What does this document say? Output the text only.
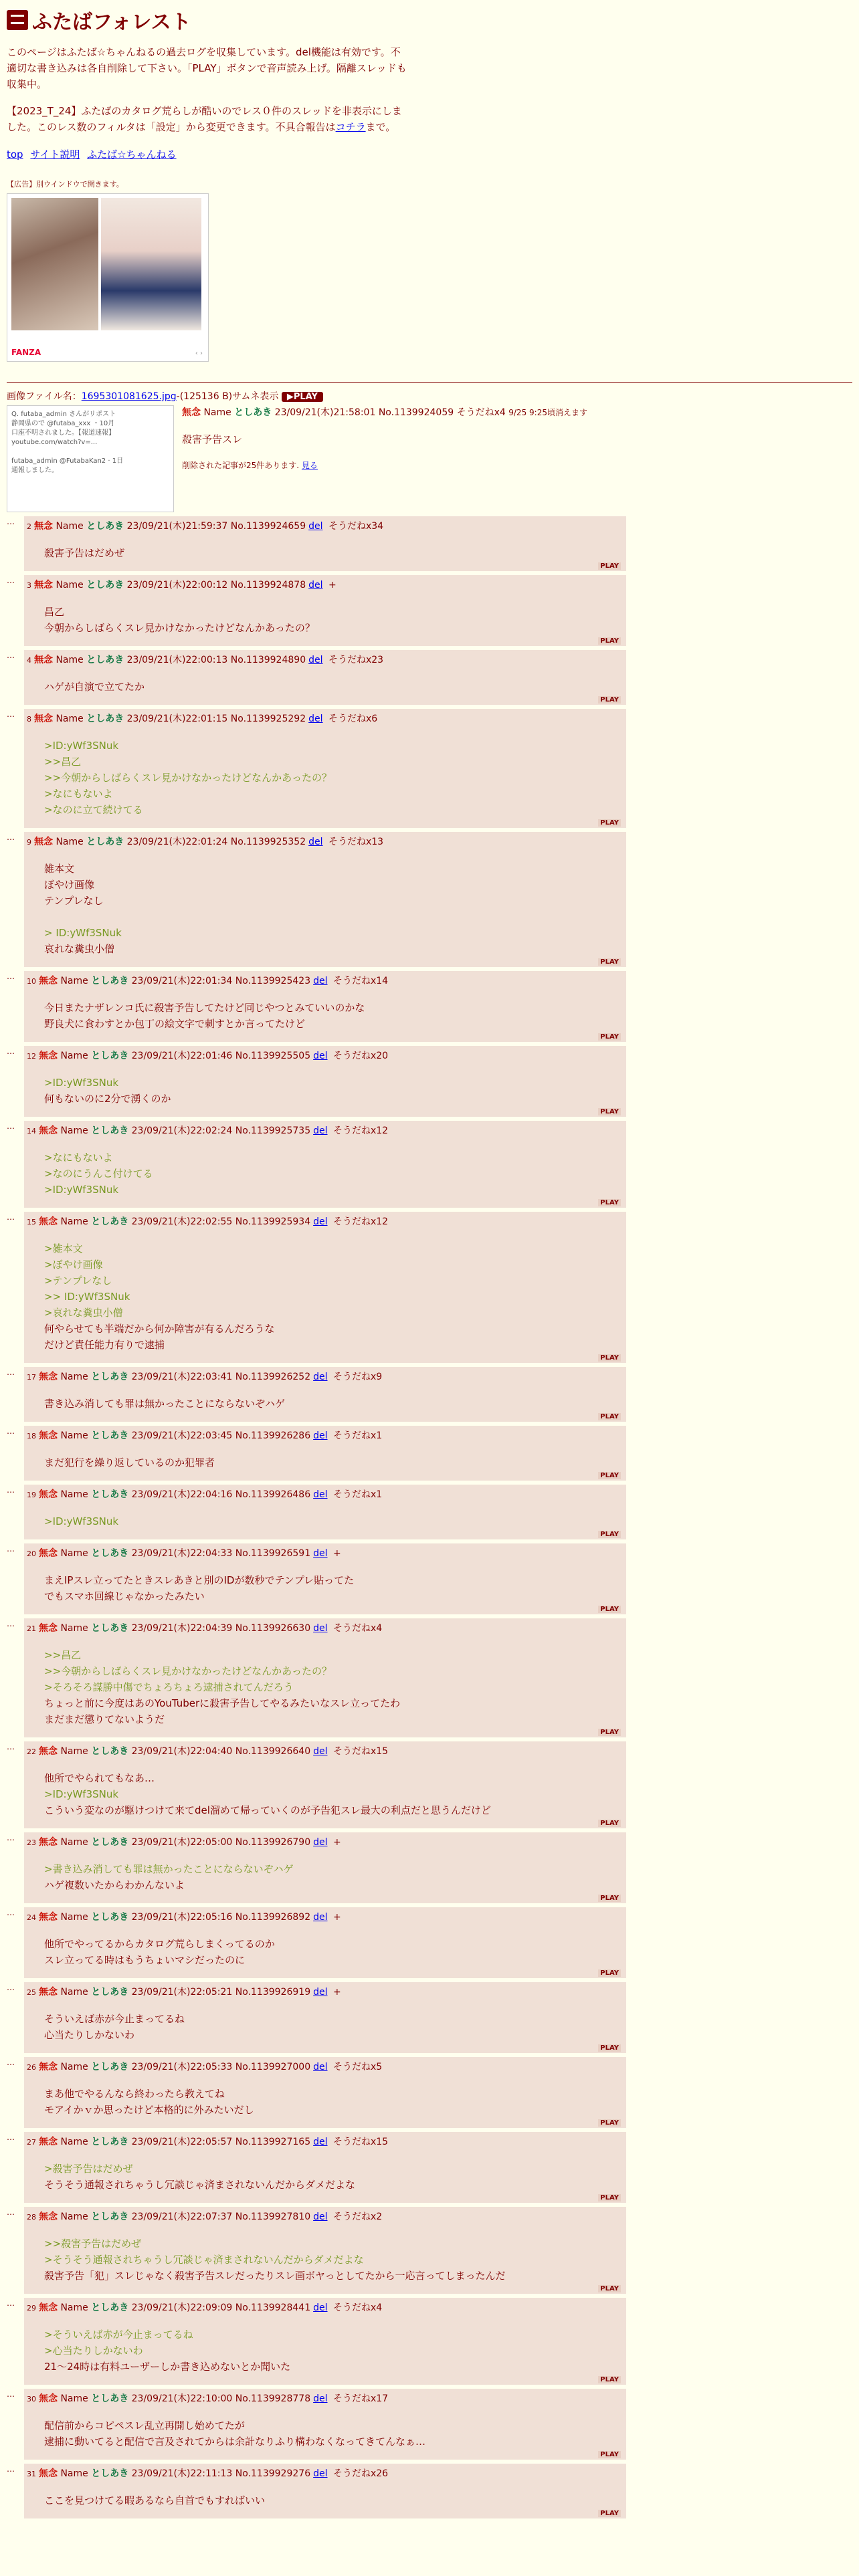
ふたばフォレスト

このページはふたば☆ちゃんねるの過去ログを収集しています。del機能は有効です。不適切な書き込みは各自削除して下さい。「PLAY」ボタンで音声読み上げ。隔離スレッドも収集中。

【2023_T_24】ふたばのカタログ荒らしが酷いのでレス０件のスレッドを非表示にしました。このレス数のフィルタは「設定」から変更できます。不具合報告はコチラまで。

top サイト説明 ふたば☆ちゃんねる
【広告】別ウインドウで開きます。
FANZA	‹ ›
画像ファイル名：1695301081625.jpg-(125136 B)サムネ表示 ▶PLAY
Q. futaba_admin さんがリポスト
静岡県ので @futaba_xxx ・10月
口座不明されました。【報道速報】
youtube.com/watch?v=...

futaba_admin @FutabaKan2 · 1日
通報しました。
無念 Name としあき 23/09/21(木)21:58:01 No.1139924059 そうだねx4 9/25 9:25頃消えます
殺害予告スレ
削除された記事が25件あります. 見る
…
2 無念 Name としあき 23/09/21(木)21:59:37 No.1139924659 del そうだねx34
殺害予告はだめぜ
PLAY
…
3 無念 Name としあき 23/09/21(木)22:00:12 No.1139924878 del +
昌乙
今朝からしばらくスレ見かけなかったけどなんかあったの？
PLAY
…
4 無念 Name としあき 23/09/21(木)22:00:13 No.1139924890 del そうだねx23
ハゲが自演で立てたか
PLAY
…
8 無念 Name としあき 23/09/21(木)22:01:15 No.1139925292 del そうだねx6
>ID:yWf3SNuk
>>昌乙
>>今朝からしばらくスレ見かけなかったけどなんかあったの？
>なにもないよ
>なのに立て続けてる
PLAY
…
9 無念 Name としあき 23/09/21(木)22:01:24 No.1139925352 del そうだねx13
雑本文
ぼやけ画像
テンプレなし

> ID:yWf3SNuk
哀れな糞虫小僧
PLAY
…
10 無念 Name としあき 23/09/21(木)22:01:34 No.1139925423 del そうだねx14
今日またナザレンコ氏に殺害予告してたけど同じやつとみていいのかな
野良犬に食わすとか包丁の絵文字で刺すとか言ってたけど
PLAY
…
12 無念 Name としあき 23/09/21(木)22:01:46 No.1139925505 del そうだねx20
>ID:yWf3SNuk
何もないのに2分で湧くのか
PLAY
…
14 無念 Name としあき 23/09/21(木)22:02:24 No.1139925735 del そうだねx12
>なにもないよ
>なのにうんこ付けてる
>ID:yWf3SNuk
PLAY
…
15 無念 Name としあき 23/09/21(木)22:02:55 No.1139925934 del そうだねx12
>雑本文
>ぼやけ画像
>テンプレなし
>> ID:yWf3SNuk
>哀れな糞虫小僧
何やらせても半端だから何か障害が有るんだろうな
だけど責任能力有りで逮捕
PLAY
…
17 無念 Name としあき 23/09/21(木)22:03:41 No.1139926252 del そうだねx9
書き込み消しても罪は無かったことにならないぞハゲ
PLAY
…
18 無念 Name としあき 23/09/21(木)22:03:45 No.1139926286 del そうだねx1
まだ犯行を繰り返しているのか犯罪者
PLAY
…
19 無念 Name としあき 23/09/21(木)22:04:16 No.1139926486 del そうだねx1
>ID:yWf3SNuk
PLAY
…
20 無念 Name としあき 23/09/21(木)22:04:33 No.1139926591 del +
まえIPスレ立ってたときスレあきと別のIDが数秒でテンプレ貼ってた
でもスマホ回線じゃなかったみたい
PLAY
…
21 無念 Name としあき 23/09/21(木)22:04:39 No.1139926630 del そうだねx4
>>昌乙
>>今朝からしばらくスレ見かけなかったけどなんかあったの？
>そろそろ謀勝中傷でちょろちょろ逮捕されてんだろう
ちょっと前に今度はあのYouTuberに殺害予告してやるみたいなスレ立ってたわ
まだまだ懲りてないようだ
PLAY
…
22 無念 Name としあき 23/09/21(木)22:04:40 No.1139926640 del そうだねx15
他所でやられてもなあ…
>ID:yWf3SNuk
こういう変なのが駆けつけて来てdel溜めて帰っていくのが予告犯スレ最大の利点だと思うんだけど
PLAY
…
23 無念 Name としあき 23/09/21(木)22:05:00 No.1139926790 del +
>書き込み消しても罪は無かったことにならないぞハゲ
ハゲ複数いたからわかんないよ
PLAY
…
24 無念 Name としあき 23/09/21(木)22:05:16 No.1139926892 del +
他所でやってるからカタログ荒らしまくってるのか
スレ立ってる時はもうちょいマシだったのに
PLAY
…
25 無念 Name としあき 23/09/21(木)22:05:21 No.1139926919 del +
そういえば赤が今止まってるね
心当たりしかないわ
PLAY
…
26 無念 Name としあき 23/09/21(木)22:05:33 No.1139927000 del そうだねx5
まあ他でやるんなら終わったら教えてね
モアイかｖか思ったけど本格的に外みたいだし
PLAY
…
27 無念 Name としあき 23/09/21(木)22:05:57 No.1139927165 del そうだねx15
>殺害予告はだめぜ
そうそう通報されちゃうし冗談じゃ済まされないんだからダメだよな
PLAY
…
28 無念 Name としあき 23/09/21(木)22:07:37 No.1139927810 del そうだねx2
>>殺害予告はだめぜ
>そうそう通報されちゃうし冗談じゃ済まされないんだからダメだよな
殺害予告「犯」スレじゃなく殺害予告スレだったりスレ画ボヤっとしてたから一応言ってしまったんだ
PLAY
…
29 無念 Name としあき 23/09/21(木)22:09:09 No.1139928441 del そうだねx4
>そういえば赤が今止まってるね
>心当たりしかないわ
21～24時は有料ユーザーしか書き込めないとか聞いた
PLAY
…
30 無念 Name としあき 23/09/21(木)22:10:00 No.1139928778 del そうだねx17
配信前からコピペスレ乱立再開し始めてたが
逮捕に動いてると配信で言及されてからは余計なりふり構わなくなってきてんなぁ…
PLAY
…
31 無念 Name としあき 23/09/21(木)22:11:13 No.1139929276 del そうだねx26
ここを見つけてる暇あるなら自首でもすればいい
PLAY
